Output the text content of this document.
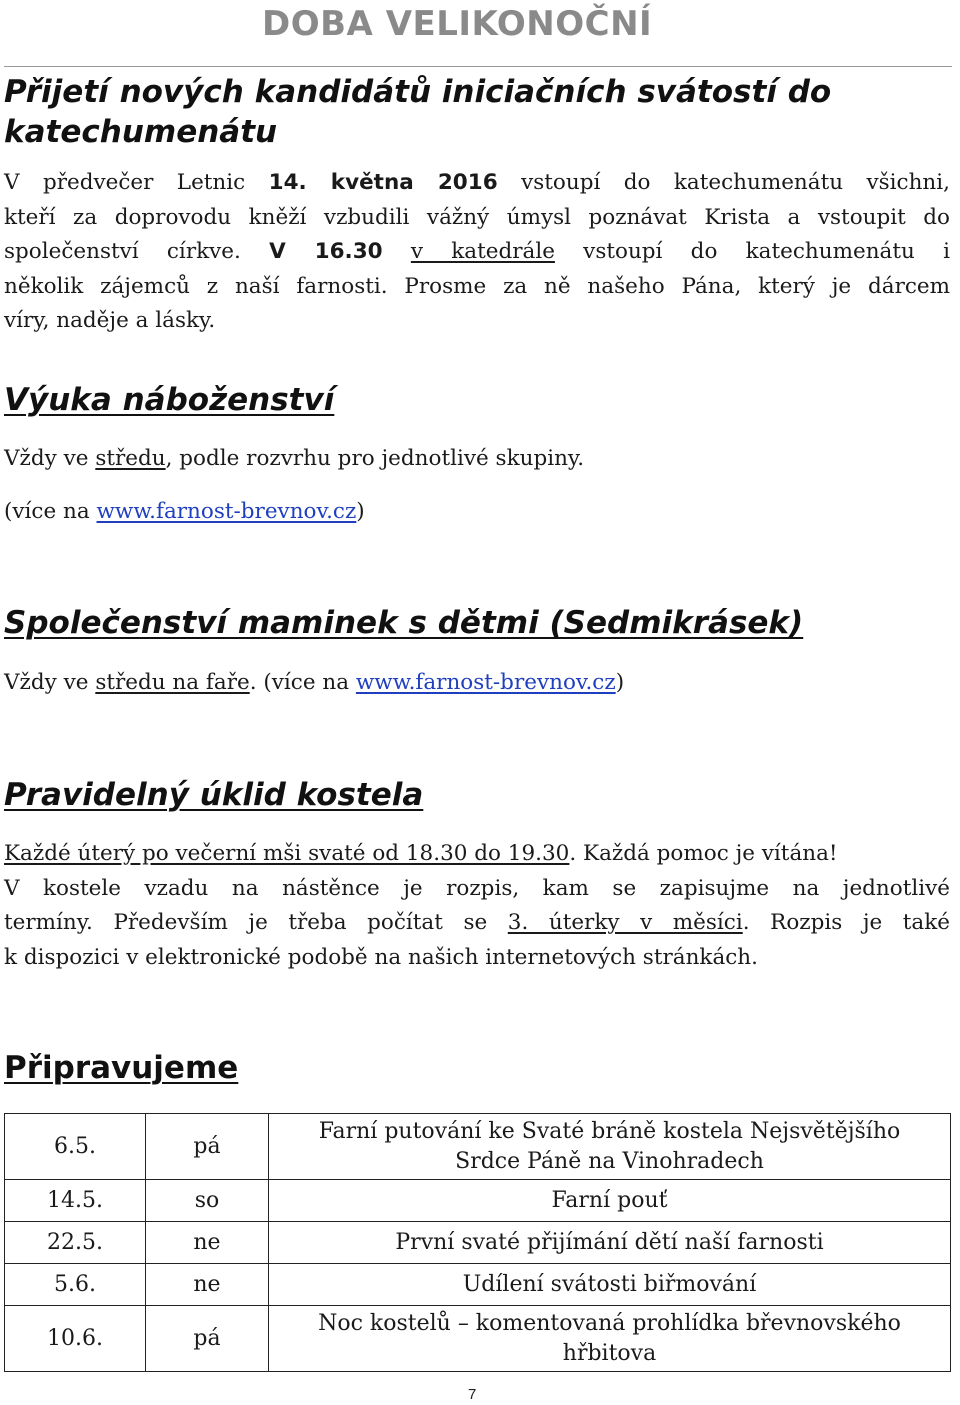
DOBA VELIKONOČNÍ
Přijetí nových kandidátů iniciačních svátostí do katechumenátu
V předvečer Letnic 14. května 2016 vstoupí do katechumenátu všichni,
kteří za doprovodu kněží vzbudili vážný úmysl poznávat Krista a vstoupit do
společenství církve. V 16.30 v katedrále vstoupí do katechumenátu i
několik zájemců z naší farnosti. Prosme za ně našeho Pána, který je dárcem
víry, naděje a lásky.
Výuka náboženství
Vždy ve středu, podle rozvrhu pro jednotlivé skupiny.
(více na www.farnost-brevnov.cz)
Společenství maminek s dětmi (Sedmikrásek)
Vždy ve středu na faře. (více na www.farnost-brevnov.cz)
Pravidelný úklid kostela
Každé úterý po večerní mši svaté od 18.30 do 19.30. Každá pomoc je vítána!
V kostele vzadu na nástěnce je rozpis, kam se zapisujme na jednotlivé
termíny. Především je třeba počítat se 3. úterky v měsíci. Rozpis je také
k dispozici v elektronické podobě na našich internetových stránkách.
Připravujeme
6.5.	pá	Farní putování ke Svaté bráně kostela Nejsvětějšího
Srdce Páně na Vinohradech

14.5.	so	Farní pouť

22.5.	ne	První svaté přijímání dětí naší farnosti

5.6.	ne	Udílení svátosti biřmování

10.6.	pá	Noc kostelů – komentovaná prohlídka břevnovského
hřbitova
7
